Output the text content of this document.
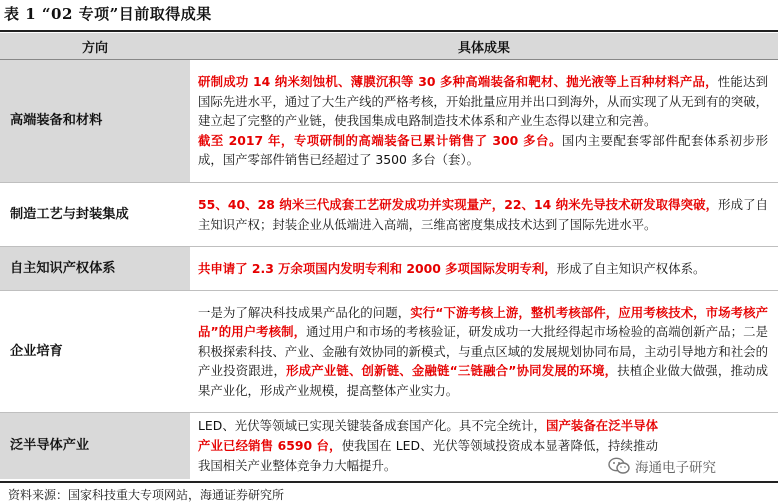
表 1 “02 专项”目前取得成果
方向	具体成果
高端装备和材料	研制成功 14 纳米刻蚀机、薄膜沉积等 30 多种高端装备和靶材、抛光液等上百种材料产品，性能达到国际先进水平，通过了大生产线的严格考核，开始批量应用并出口到海外，从而实现了从无到有的突破，建立起了完整的产业链，使我国集成电路制造技术体系和产业生态得以建立和完善。
截至 2017 年，专项研制的高端装备已累计销售了 300 多台。国内主要配套零部件配套体系初步形成，国产零部件销售已经超过了 3500 多台（套）。

制造工艺与封装集成	55、40、28 纳米三代成套工艺研发成功并实现量产，22、14 纳米先导技术研发取得突破，形成了自主知识产权；封装企业从低端进入高端，三维高密度集成技术达到了国际先进水平。
自主知识产权体系	共申请了 2.3 万余项国内发明专利和 2000 多项国际发明专利，形成了自主知识产权体系。
企业培育	一是为了解决科技成果产品化的问题，实行“下游考核上游，整机考核部件，应用考核技术，市场考核产品”的用户考核制，通过用户和市场的考核验证，研发成功一大批经得起市场检验的高端创新产品；二是积极探索科技、产业、金融有效协同的新模式，与重点区域的发展规划协同布局，主动引导地方和社会的产业投资跟进，形成产业链、创新链、金融链“三链融合”协同发展的环境，扶植企业做大做强，推动成果产业化，形成产业规模，提高整体产业实力。
泛半导体产业	LED、光伏等领域已实现关键装备成套国产化。具不完全统计，国产装备在泛半导体产业已经销售 6590 台，使我国在 LED、光伏等领域投资成本显著降低，持续推动我国相关产业整体竞争力大幅提升。	海通电子研究
资料来源：国家科技重大专项网站，海通证券研究所
